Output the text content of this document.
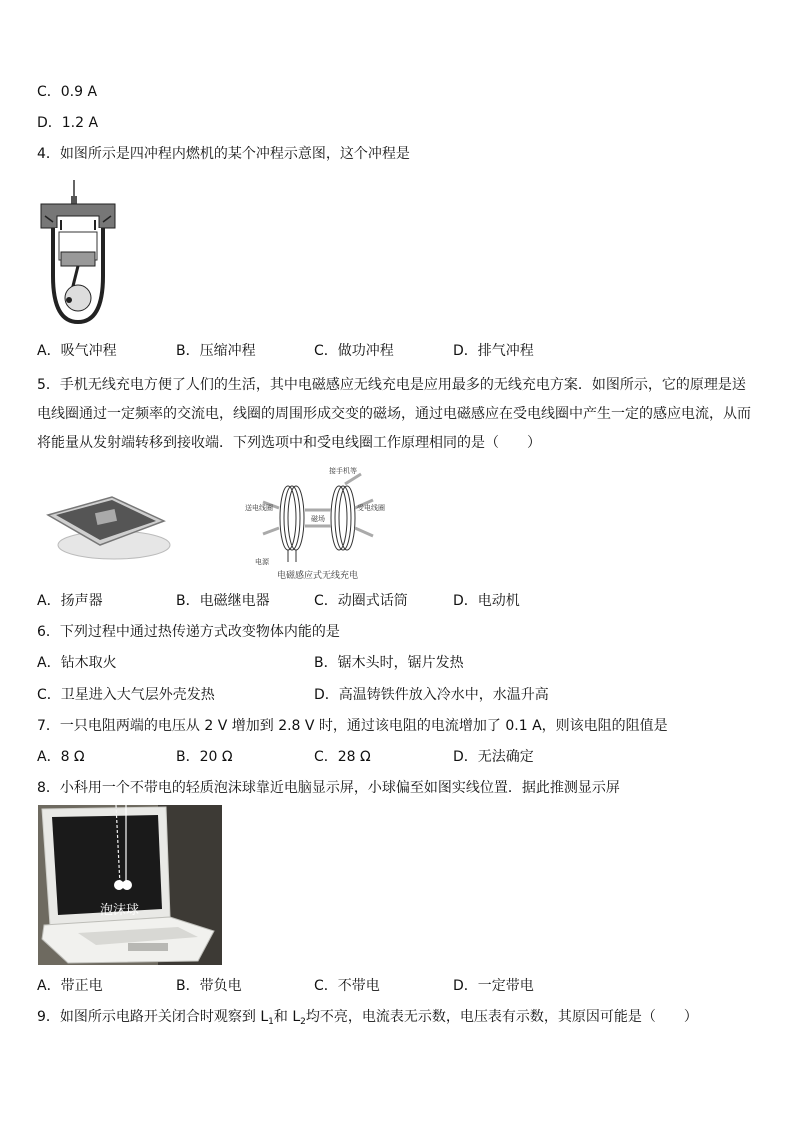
C．0.9 A
D．1.2 A
4．如图所示是四冲程内燃机的某个冲程示意图，这个冲程是
A．吸气冲程	B．压缩冲程	C．做功冲程	D．排气冲程
5．手机无线充电方便了人们的生活，其中电磁感应无线充电是应用最多的无线充电方案．如图所示，它的原理是送电线圈通过一定频率的交流电，线圈的周围形成交变的磁场，通过电磁感应在受电线圈中产生一定的感应电流，从而将能量从发射端转移到接收端．下列选项中和受电线圈工作原理相同的是（　　）
磁场
接手机等
送电线圈	受电线圈
电源
电磁感应式无线充电
A．扬声器	B．电磁继电器	C．动圈式话筒	D．电动机
6．下列过程中通过热传递方式改变物体内能的是
A．钻木取火	B．锯木头时，锯片发热
C．卫星进入大气层外壳发热	D．高温铸铁件放入冷水中，水温升高
7．一只电阻两端的电压从 2 V 增加到 2.8 V 时，通过该电阻的电流增加了 0.1 A，则该电阻的阻值是
A．8 Ω	B．20 Ω	C．28 Ω	D．无法确定
8．小科用一个不带电的轻质泡沫球靠近电脑显示屏，小球偏至如图实线位置．据此推测显示屏
泡沫球
A．带正电	B．带负电	C．不带电	D．一定带电
9．如图所示电路开关闭合时观察到 $L_1$和 $L_2$均不亮，电流表无示数，电压表有示数，其原因可能是（　　）
